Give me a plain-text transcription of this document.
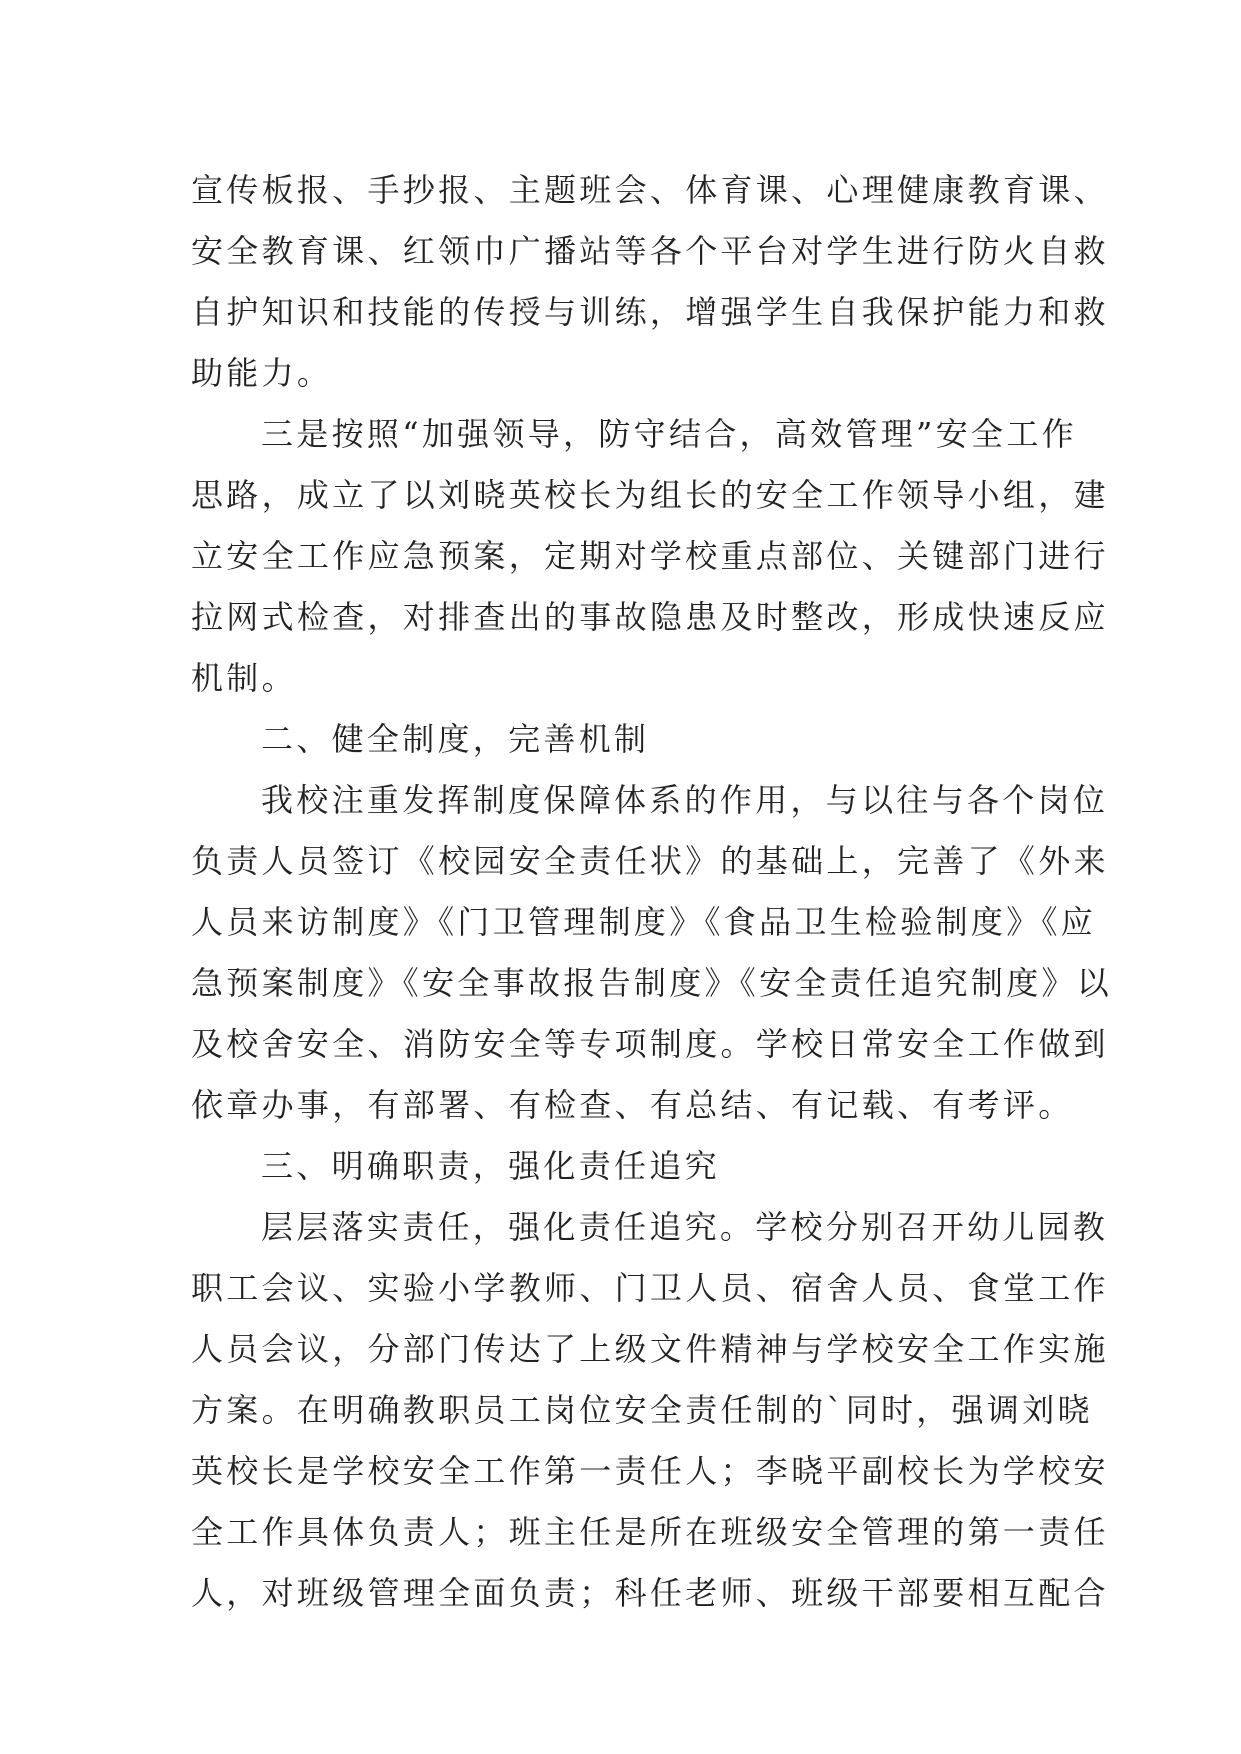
宣传板报、手抄报、主题班会、体育课、心理健康教育课、
安全教育课、红领巾广播站等各个平台对学生进行防火自救
自护知识和技能的传授与训练，增强学生自我保护能力和救
助能力。
三是按照“加强领导，防守结合，高效管理”安全工作
思路，成立了以刘晓英校长为组长的安全工作领导小组，建
立安全工作应急预案，定期对学校重点部位、关键部门进行
拉网式检查，对排查出的事故隐患及时整改，形成快速反应
机制。
二、健全制度，完善机制
我校注重发挥制度保障体系的作用，与以往与各个岗位
负责人员签订《校园安全责任状》的基础上，完善了《外来
人员来访制度》《门卫管理制度》《食品卫生检验制度》《应
急预案制度》《安全事故报告制度》《安全责任追究制度》以
及校舍安全、消防安全等专项制度。学校日常安全工作做到
依章办事，有部署、有检查、有总结、有记载、有考评。
三、明确职责，强化责任追究
层层落实责任，强化责任追究。学校分别召开幼儿园教
职工会议、实验小学教师、门卫人员、宿舍人员、食堂工作
人员会议，分部门传达了上级文件精神与学校安全工作实施
方案。在明确教职员工岗位安全责任制的`同时，强调刘晓
英校长是学校安全工作第一责任人；李晓平副校长为学校安
全工作具体负责人；班主任是所在班级安全管理的第一责任
人，对班级管理全面负责；科任老师、班级干部要相互配合
